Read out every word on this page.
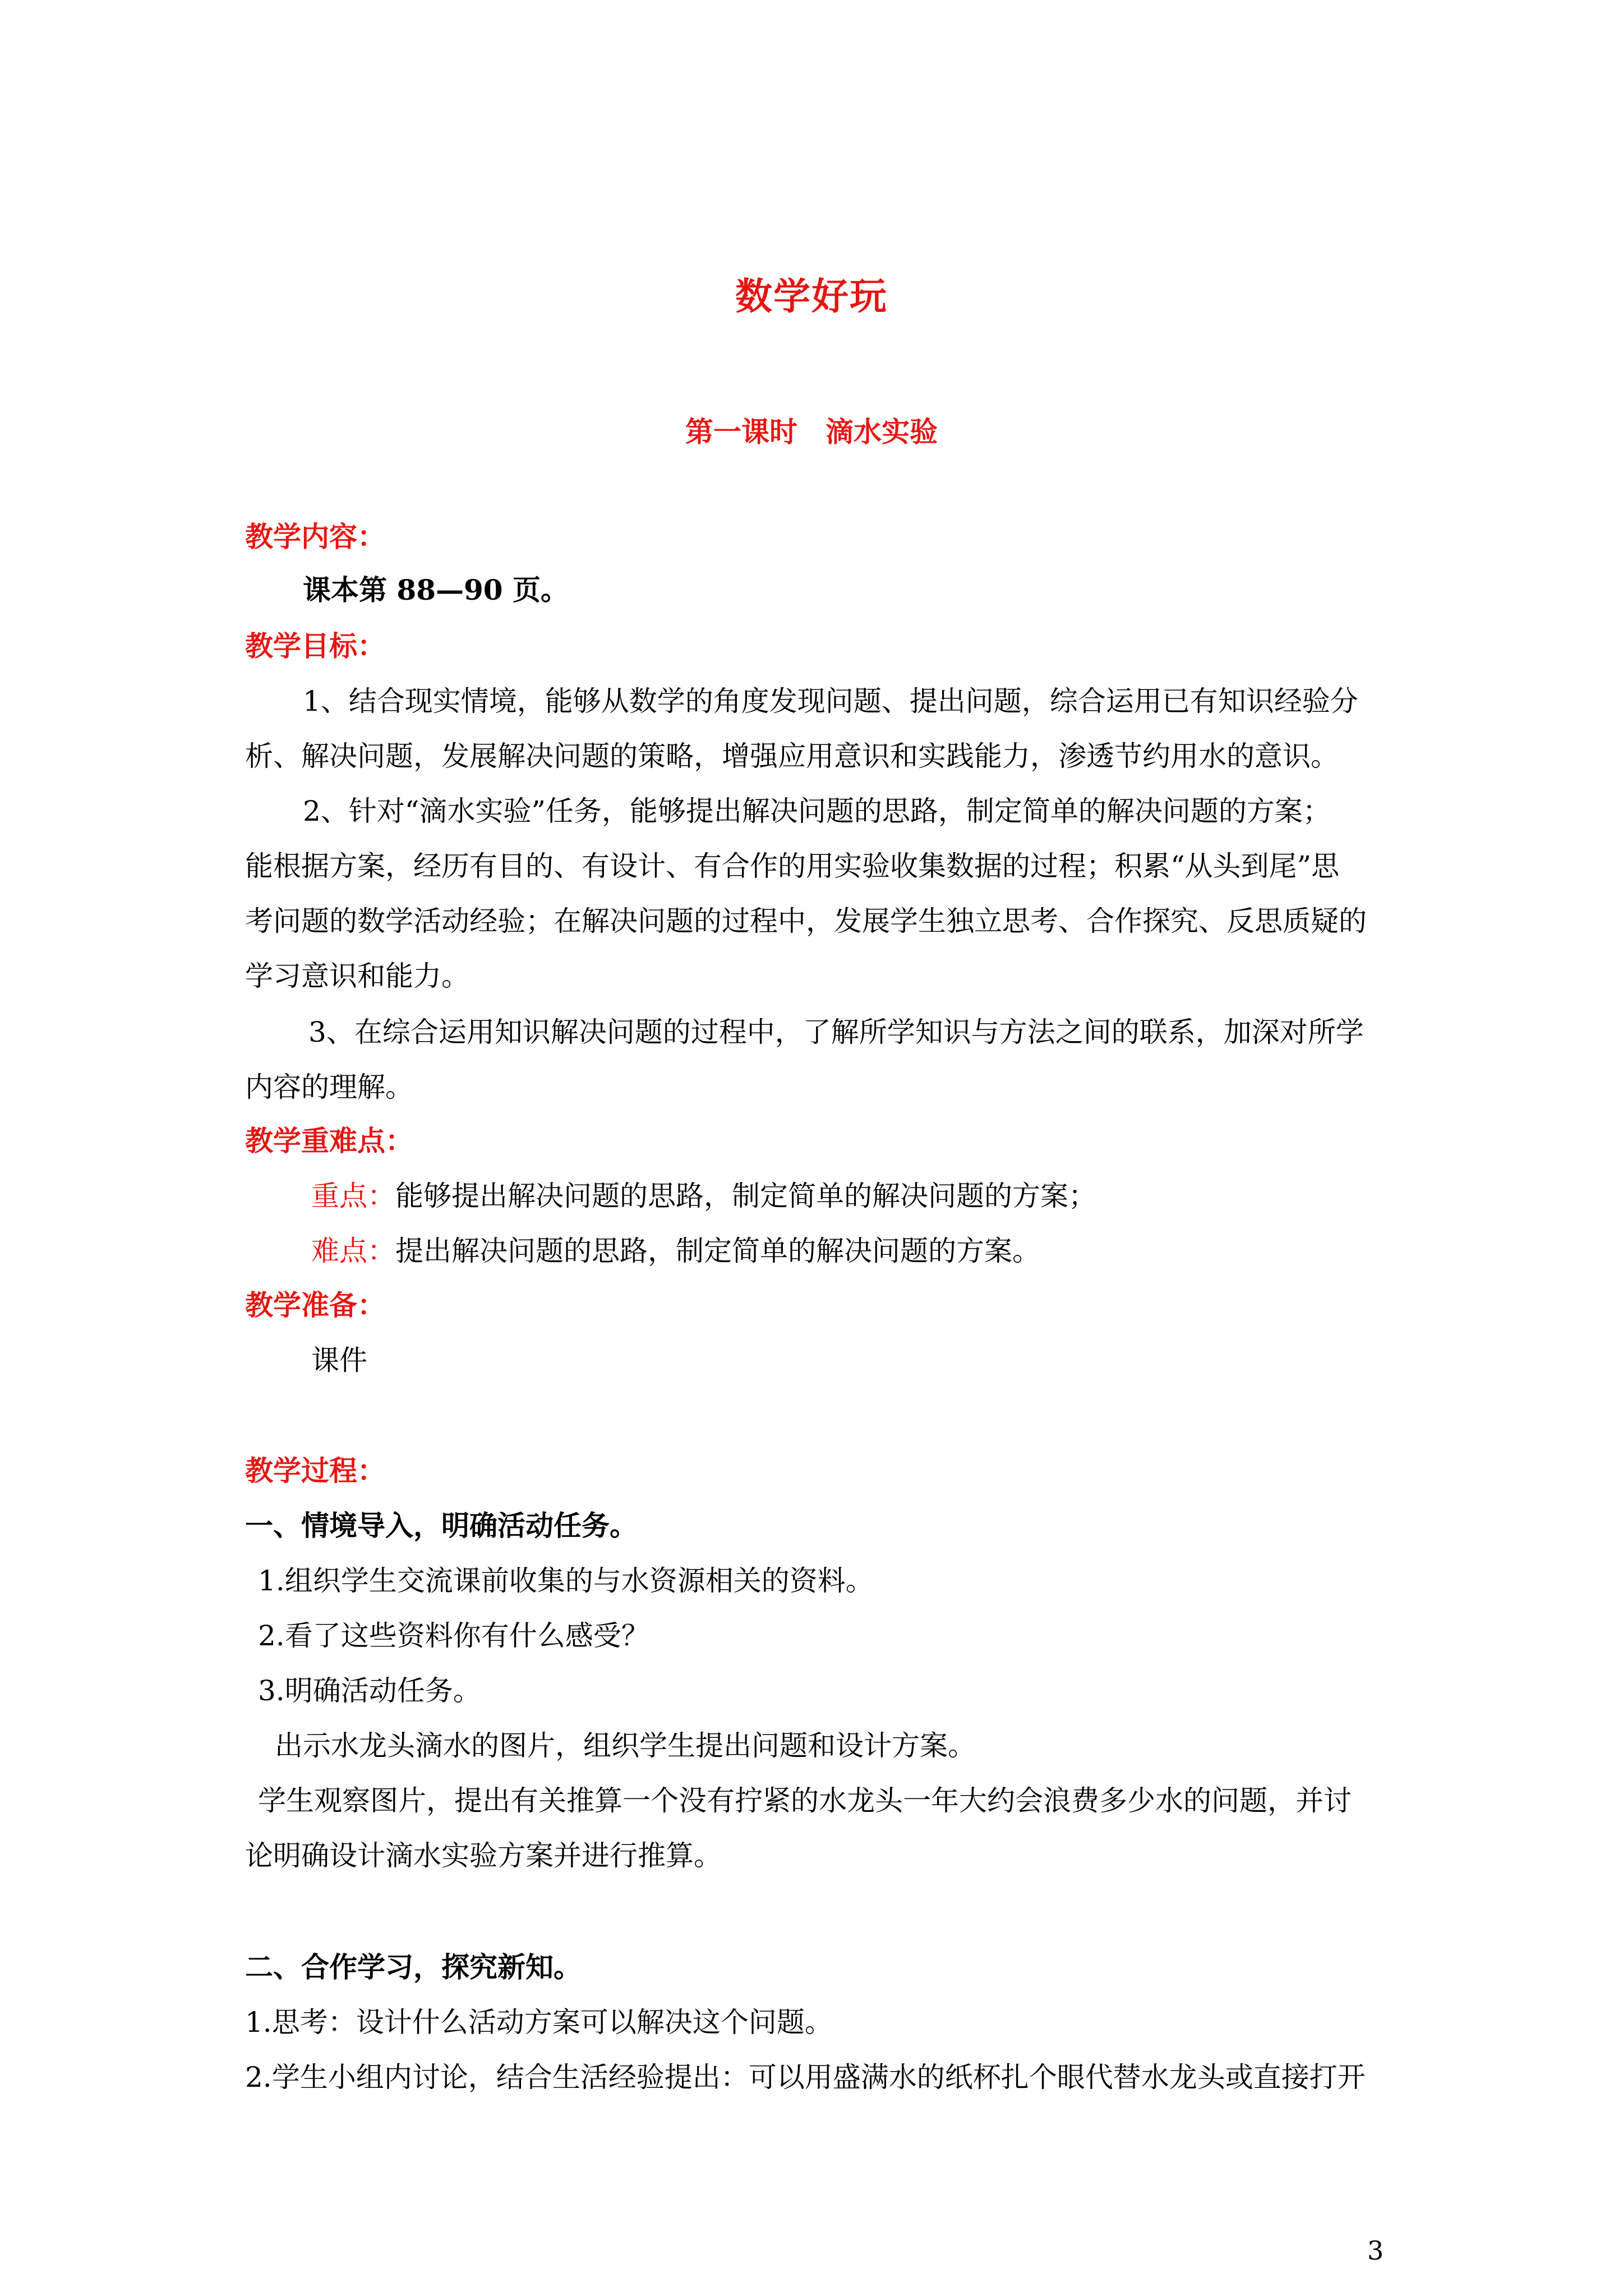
数学好玩
第一课时　滴水实验
教学内容：
课本第 88—90 页。
教学目标：
1、结合现实情境，能够从数学的角度发现问题、提出问题，综合运用已有知识经验分
析、解决问题，发展解决问题的策略，增强应用意识和实践能力，渗透节约用水的意识。
2、针对“滴水实验”任务，能够提出解决问题的思路，制定简单的解决问题的方案；
能根据方案，经历有目的、有设计、有合作的用实验收集数据的过程；积累“从头到尾”思
考问题的数学活动经验；在解决问题的过程中，发展学生独立思考、合作探究、反思质疑的
学习意识和能力。
3、在综合运用知识解决问题的过程中，了解所学知识与方法之间的联系，加深对所学
内容的理解。
教学重难点：
重点：能够提出解决问题的思路，制定简单的解决问题的方案；
难点：提出解决问题的思路，制定简单的解决问题的方案。
教学准备：
课件
教学过程：
一、情境导入，明确活动任务。
1.组织学生交流课前收集的与水资源相关的资料。
2.看了这些资料你有什么感受？
3.明确活动任务。
出示水龙头滴水的图片，组织学生提出问题和设计方案。
学生观察图片，提出有关推算一个没有拧紧的水龙头一年大约会浪费多少水的问题，并讨
论明确设计滴水实验方案并进行推算。
二、合作学习，探究新知。
1.思考：设计什么活动方案可以解决这个问题。
2.学生小组内讨论，结合生活经验提出：可以用盛满水的纸杯扎个眼代替水龙头或直接打开
3
